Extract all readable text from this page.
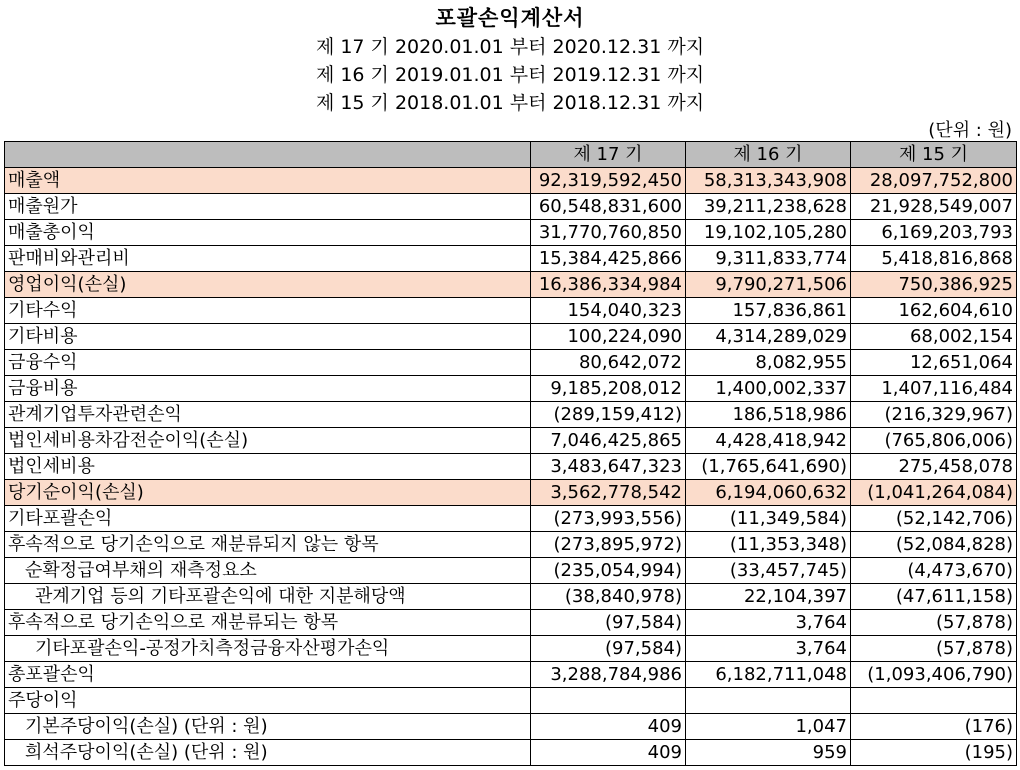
포괄손익계산서
제 17 기 2020.01.01 부터 2020.12.31 까지
제 16 기 2019.01.01 부터 2019.12.31 까지
제 15 기 2018.01.01 부터 2018.12.31 까지
(단위 : 원)
	제 17 기	제 16 기	제 15 기
매출액	92,319,592,450	58,313,343,908	28,097,752,800
매출원가	60,548,831,600	39,211,238,628	21,928,549,007
매출총이익	31,770,760,850	19,102,105,280	6,169,203,793
판매비와관리비	15,384,425,866	9,311,833,774	5,418,816,868
영업이익(손실)	16,386,334,984	9,790,271,506	750,386,925
기타수익	154,040,323	157,836,861	162,604,610
기타비용	100,224,090	4,314,289,029	68,002,154
금융수익	80,642,072	8,082,955	12,651,064
금융비용	9,185,208,012	1,400,002,337	1,407,116,484
관계기업투자관련손익	(289,159,412)	186,518,986	(216,329,967)
법인세비용차감전순이익(손실)	7,046,425,865	4,428,418,942	(765,806,006)
법인세비용	3,483,647,323	(1,765,641,690)	275,458,078
당기순이익(손실)	3,562,778,542	6,194,060,632	(1,041,264,084)
기타포괄손익	(273,993,556)	(11,349,584)	(52,142,706)
후속적으로 당기손익으로 재분류되지 않는 항목	(273,895,972)	(11,353,348)	(52,084,828)
순확정급여부채의 재측정요소	(235,054,994)	(33,457,745)	(4,473,670)
관계기업 등의 기타포괄손익에 대한 지분해당액	(38,840,978)	22,104,397	(47,611,158)
후속적으로 당기손익으로 재분류되는 항목	(97,584)	3,764	(57,878)
기타포괄손익-공정가치측정금융자산평가손익	(97,584)	3,764	(57,878)
총포괄손익	3,288,784,986	6,182,711,048	(1,093,406,790)
주당이익			
기본주당이익(손실) (단위 : 원)	409	1,047	(176)
희석주당이익(손실) (단위 : 원)	409	959	(195)
